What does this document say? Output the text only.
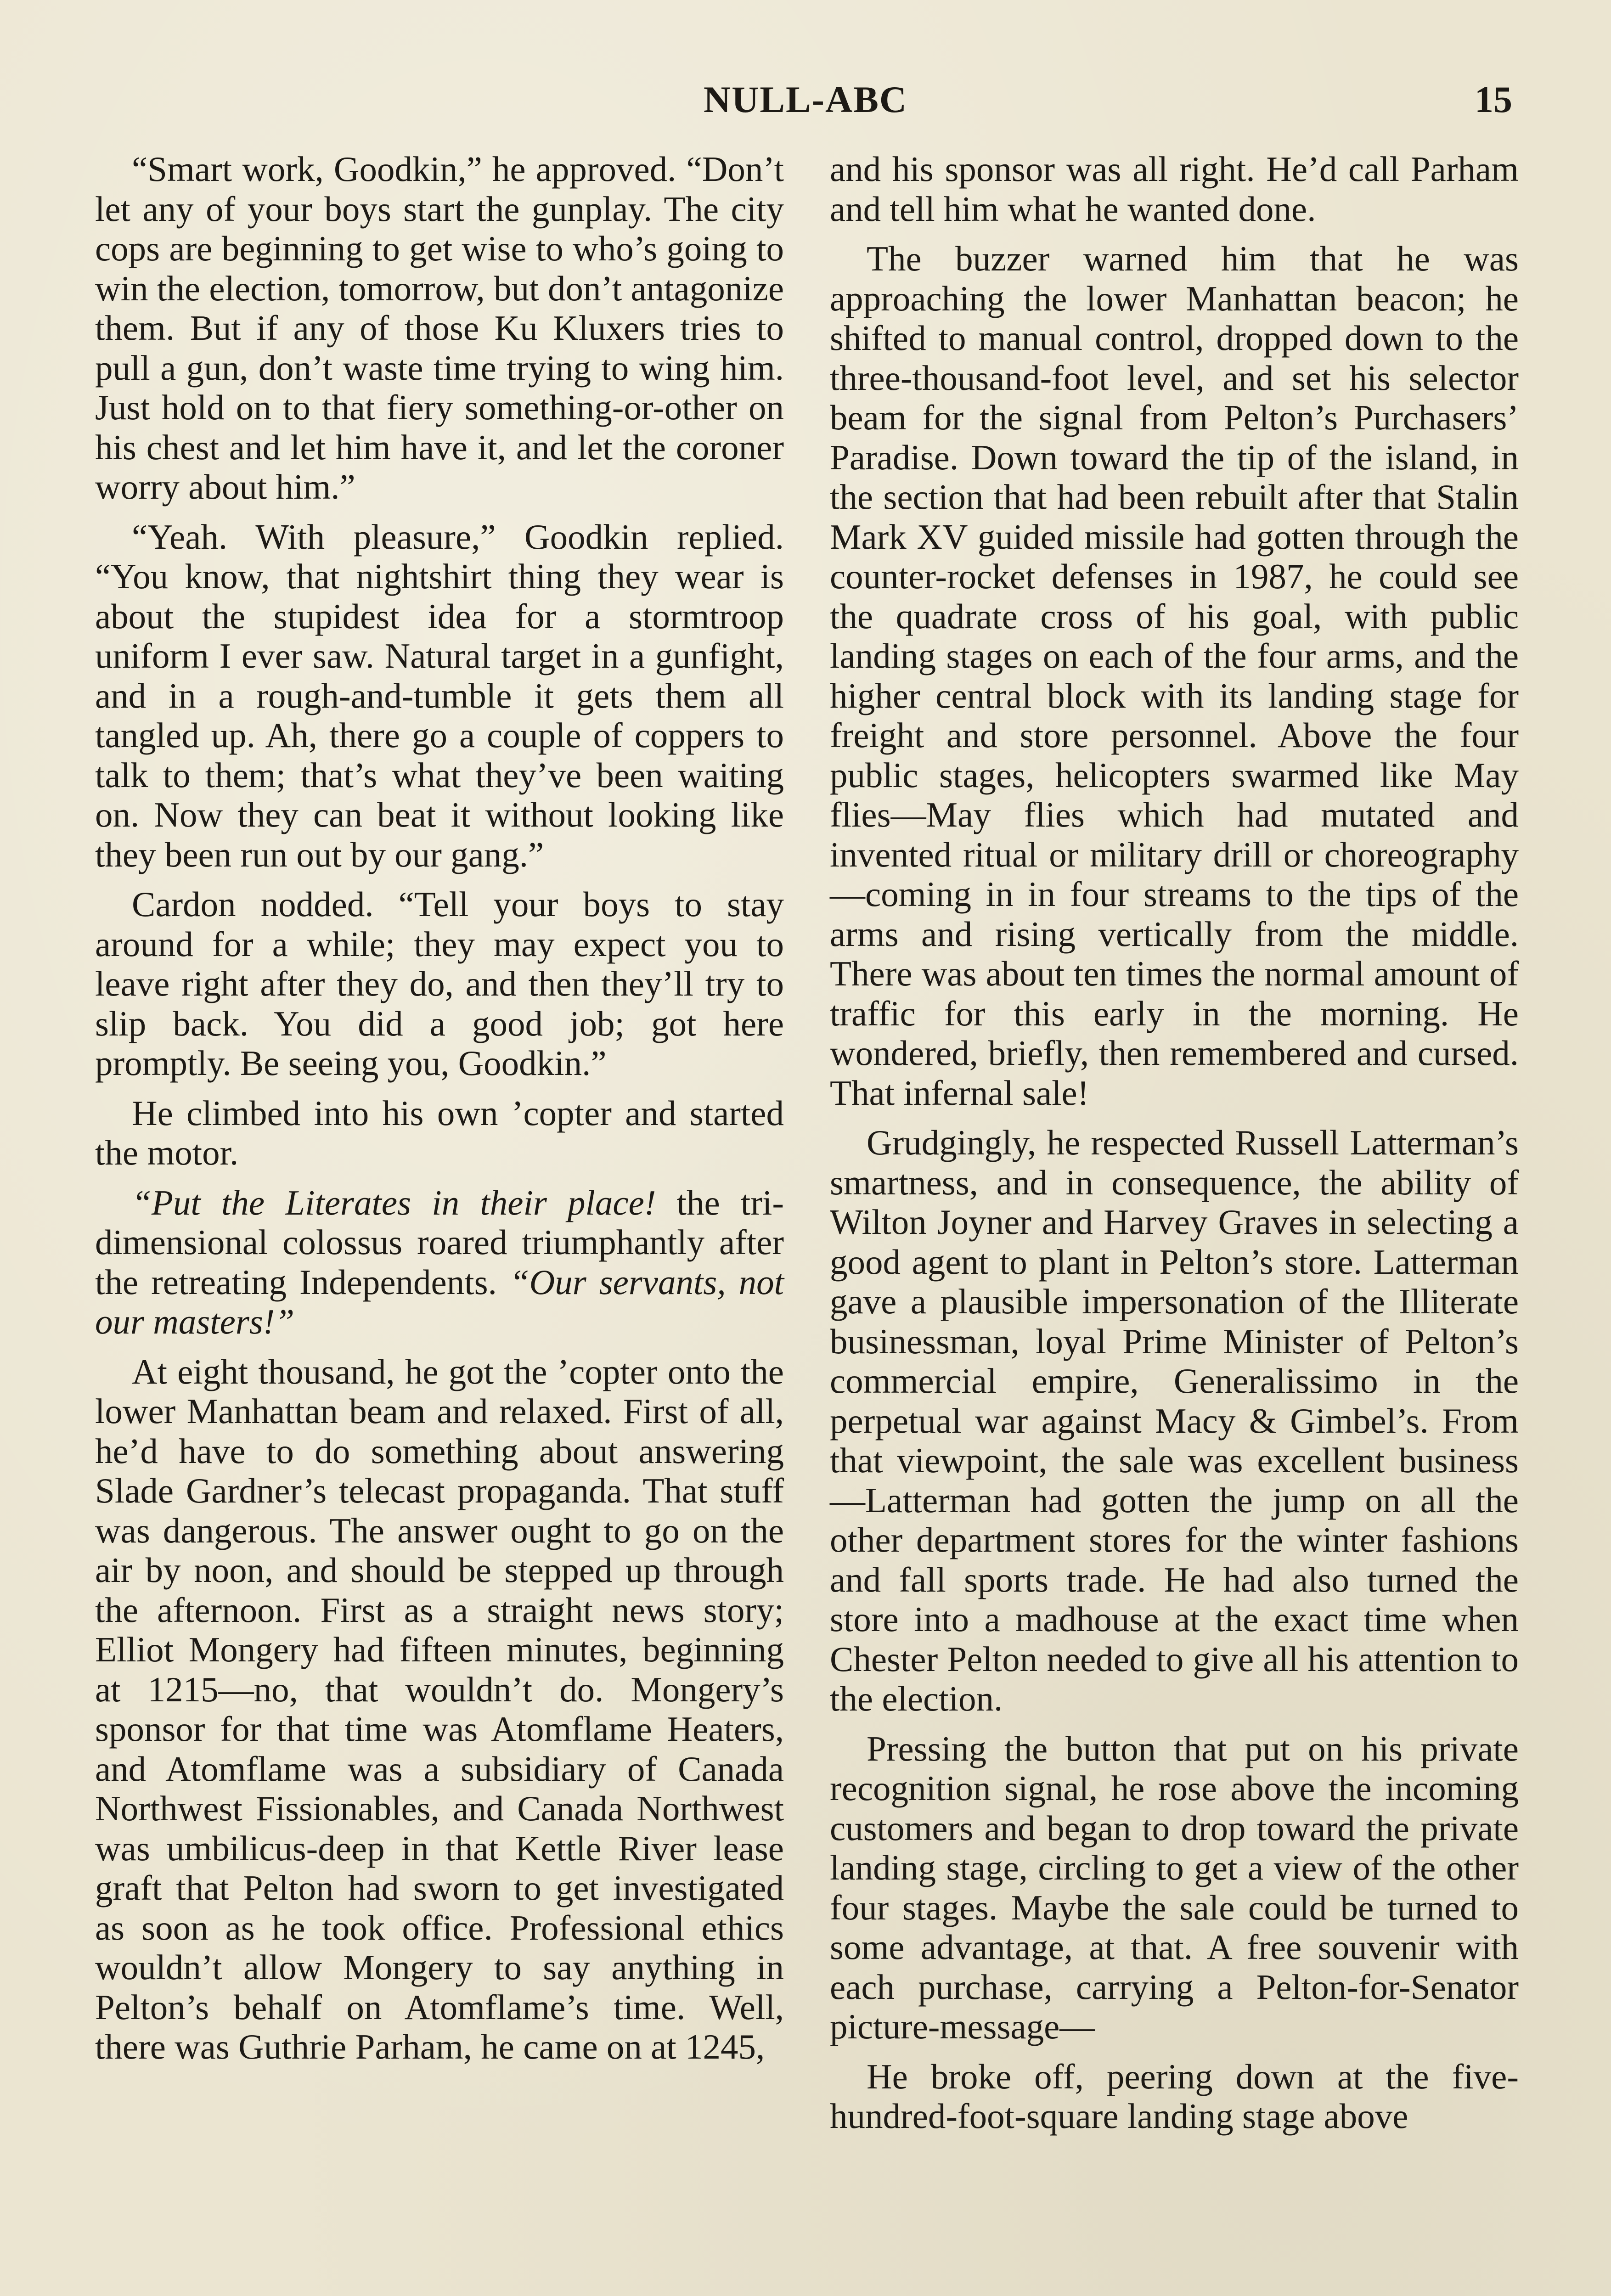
NULL-ABC	15

“Smart work, Goodkin,” he approved. “Don’t let any of your boys start the gunplay. The city cops are beginning to get wise to who’s going to win the election, tomorrow, but don’t antagonize them. But if any of those Ku Kluxers tries to pull a gun, don’t waste time trying to wing him. Just hold on to that fiery something-or-other on his chest and let him have it, and let the coroner worry about him.”

“Yeah. With pleasure,” Goodkin replied. “You know, that nightshirt thing they wear is about the stupidest idea for a stormtroop uniform I ever saw. Natural target in a gunfight, and in a rough-and-tumble it gets them all tangled up. Ah, there go a couple of coppers to talk to them; that’s what they’ve been waiting on. Now they can beat it without looking like they been run out by our gang.”

Cardon nodded. “Tell your boys to stay around for a while; they may expect you to leave right after they do, and then they’ll try to slip back. You did a good job; got here promptly. Be seeing you, Goodkin.”

He climbed into his own ’copter and started the motor.

“Put the Literates in their place! the tri-dimensional colossus roared triumphantly after the retreating Independents. “Our servants, not our masters!”

At eight thousand, he got the ’copter onto the lower Manhattan beam and relaxed. First of all, he’d have to do something about answering Slade Gardner’s telecast propaganda. That stuff was dangerous. The answer ought to go on the air by noon, and should be stepped up through the afternoon. First as a straight news story; Elliot Mongery had fifteen minutes, beginning at 1215—no, that wouldn’t do. Mongery’s sponsor for that time was Atomflame Heaters, and Atomflame was a subsidiary of Canada Northwest Fissionables, and Canada Northwest was umbilicus-deep in that Kettle River lease graft that Pelton had sworn to get investigated as soon as he took office. Professional ethics wouldn’t allow Mongery to say anything in Pelton’s behalf on Atomflame’s time. Well, there was Guthrie Parham, he came on at 1245,

and his sponsor was all right. He’d call Parham and tell him what he wanted done.

The buzzer warned him that he was approaching the lower Manhattan beacon; he shifted to manual control, dropped down to the three-thousand-foot level, and set his selector beam for the signal from Pelton’s Purchasers’ Paradise. Down toward the tip of the island, in the section that had been rebuilt after that Stalin Mark XV guided missile had gotten through the counter-rocket defenses in 1987, he could see the quadrate cross of his goal, with public landing stages on each of the four arms, and the higher central block with its landing stage for freight and store personnel. Above the four public stages, helicopters swarmed like May flies—May flies which had mutated and invented ritual or military drill or choreography—coming in in four streams to the tips of the arms and rising vertically from the middle. There was about ten times the normal amount of traffic for this early in the morning. He wondered, briefly, then remembered and cursed. That infernal sale!

Grudgingly, he respected Russell Latterman’s smartness, and in consequence, the ability of Wilton Joyner and Harvey Graves in selecting a good agent to plant in Pelton’s store. Latterman gave a plausible impersonation of the Illiterate businessman, loyal Prime Minister of Pelton’s commercial empire, Generalissimo in the perpetual war against Macy & Gimbel’s. From that viewpoint, the sale was excellent business—Latterman had gotten the jump on all the other department stores for the winter fashions and fall sports trade. He had also turned the store into a madhouse at the exact time when Chester Pelton needed to give all his attention to the election.

Pressing the button that put on his private recognition signal, he rose above the incoming customers and began to drop toward the private landing stage, circling to get a view of the other four stages. Maybe the sale could be turned to some advantage, at that. A free souvenir with each purchase, carrying a Pelton-for-Senator picture-message—

He broke off, peering down at the five-hundred-foot-square landing stage above
